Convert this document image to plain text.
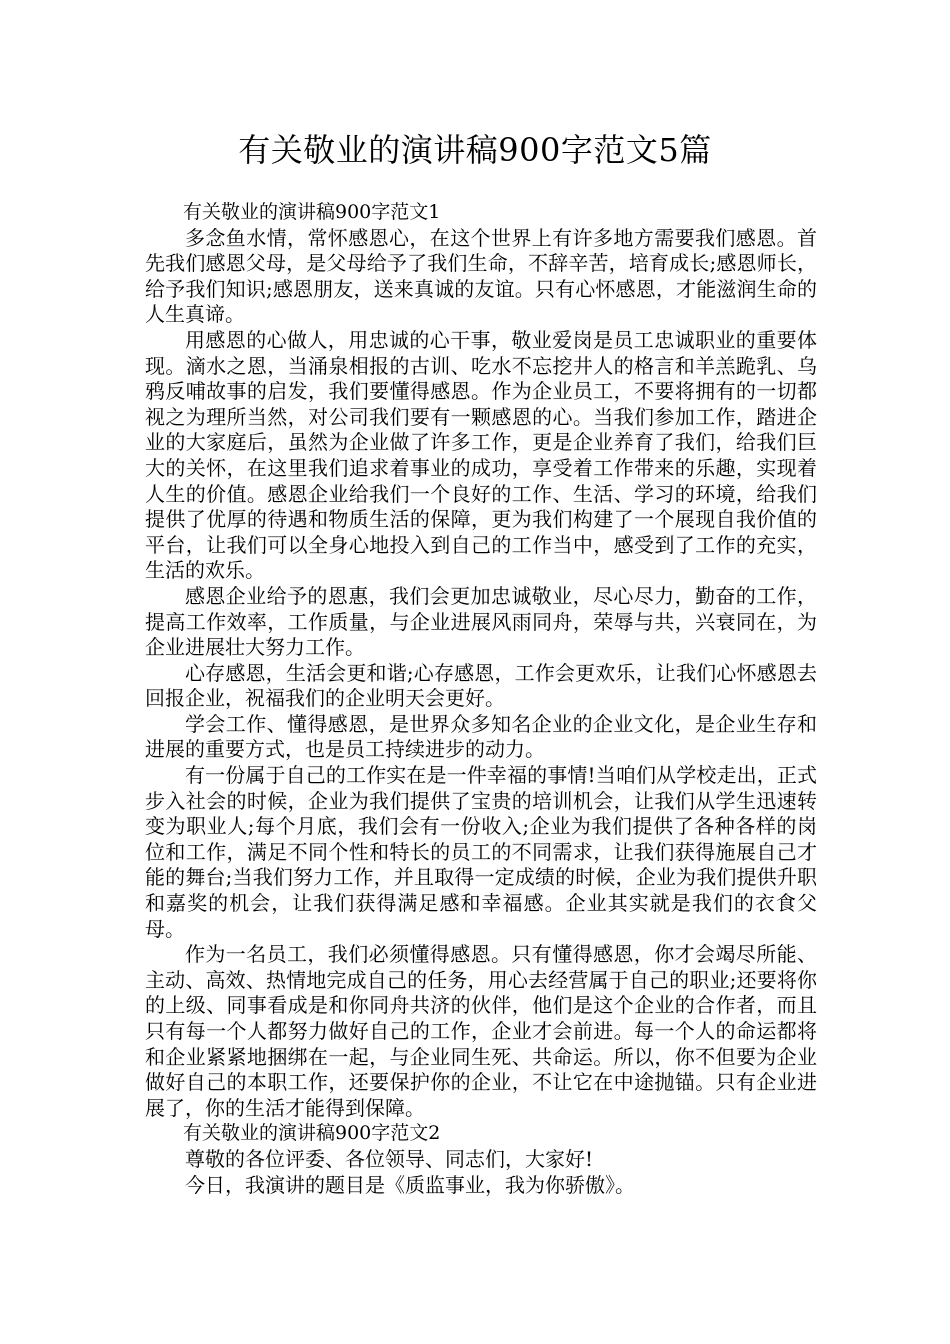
有关敬业的演讲稿900字范文5篇

有关敬业的演讲稿900字范文1

多念鱼水情，常怀感恩心，在这个世界上有许多地方需要我们感恩。首先我们感恩父母，是父母给予了我们生命，不辞辛苦，培育成长;感恩师长，给予我们知识;感恩朋友，送来真诚的友谊。只有心怀感恩，才能滋润生命的人生真谛。

用感恩的心做人，用忠诚的心干事，敬业爱岗是员工忠诚职业的重要体现。滴水之恩，当涌泉相报的古训、吃水不忘挖井人的格言和羊羔跪乳、乌鸦反哺故事的启发，我们要懂得感恩。作为企业员工，不要将拥有的一切都视之为理所当然，对公司我们要有一颗感恩的心。当我们参加工作，踏进企业的大家庭后，虽然为企业做了许多工作，更是企业养育了我们，给我们巨大的关怀，在这里我们追求着事业的成功，享受着工作带来的乐趣，实现着人生的价值。感恩企业给我们一个良好的工作、生活、学习的环境，给我们提供了优厚的待遇和物质生活的保障，更为我们构建了一个展现自我价值的平台，让我们可以全身心地投入到自己的工作当中，感受到了工作的充实，生活的欢乐。

感恩企业给予的恩惠，我们会更加忠诚敬业，尽心尽力，勤奋的工作，提高工作效率，工作质量，与企业进展风雨同舟，荣辱与共，兴衰同在，为企业进展壮大努力工作。

心存感恩，生活会更和谐;心存感恩，工作会更欢乐，让我们心怀感恩去回报企业，祝福我们的企业明天会更好。

学会工作、懂得感恩，是世界众多知名企业的企业文化，是企业生存和进展的重要方式，也是员工持续进步的动力。

有一份属于自己的工作实在是一件幸福的事情!当咱们从学校走出，正式步入社会的时候，企业为我们提供了宝贵的培训机会，让我们从学生迅速转变为职业人;每个月底，我们会有一份收入;企业为我们提供了各种各样的岗位和工作，满足不同个性和特长的员工的不同需求，让我们获得施展自己才能的舞台;当我们努力工作，并且取得一定成绩的时候，企业为我们提供升职和嘉奖的机会，让我们获得满足感和幸福感。企业其实就是我们的衣食父母。

作为一名员工，我们必须懂得感恩。只有懂得感恩，你才会竭尽所能、主动、高效、热情地完成自己的任务，用心去经营属于自己的职业;还要将你的上级、同事看成是和你同舟共济的伙伴，他们是这个企业的合作者，而且只有每一个人都努力做好自己的工作，企业才会前进。每一个人的命运都将和企业紧紧地捆绑在一起，与企业同生死、共命运。所以，你不但要为企业做好自己的本职工作，还要保护你的企业，不让它在中途抛锚。只有企业进展了，你的生活才能得到保障。

有关敬业的演讲稿900字范文2

尊敬的各位评委、各位领导、同志们，大家好!

今日，我演讲的题目是《质监事业，我为你骄傲》。
